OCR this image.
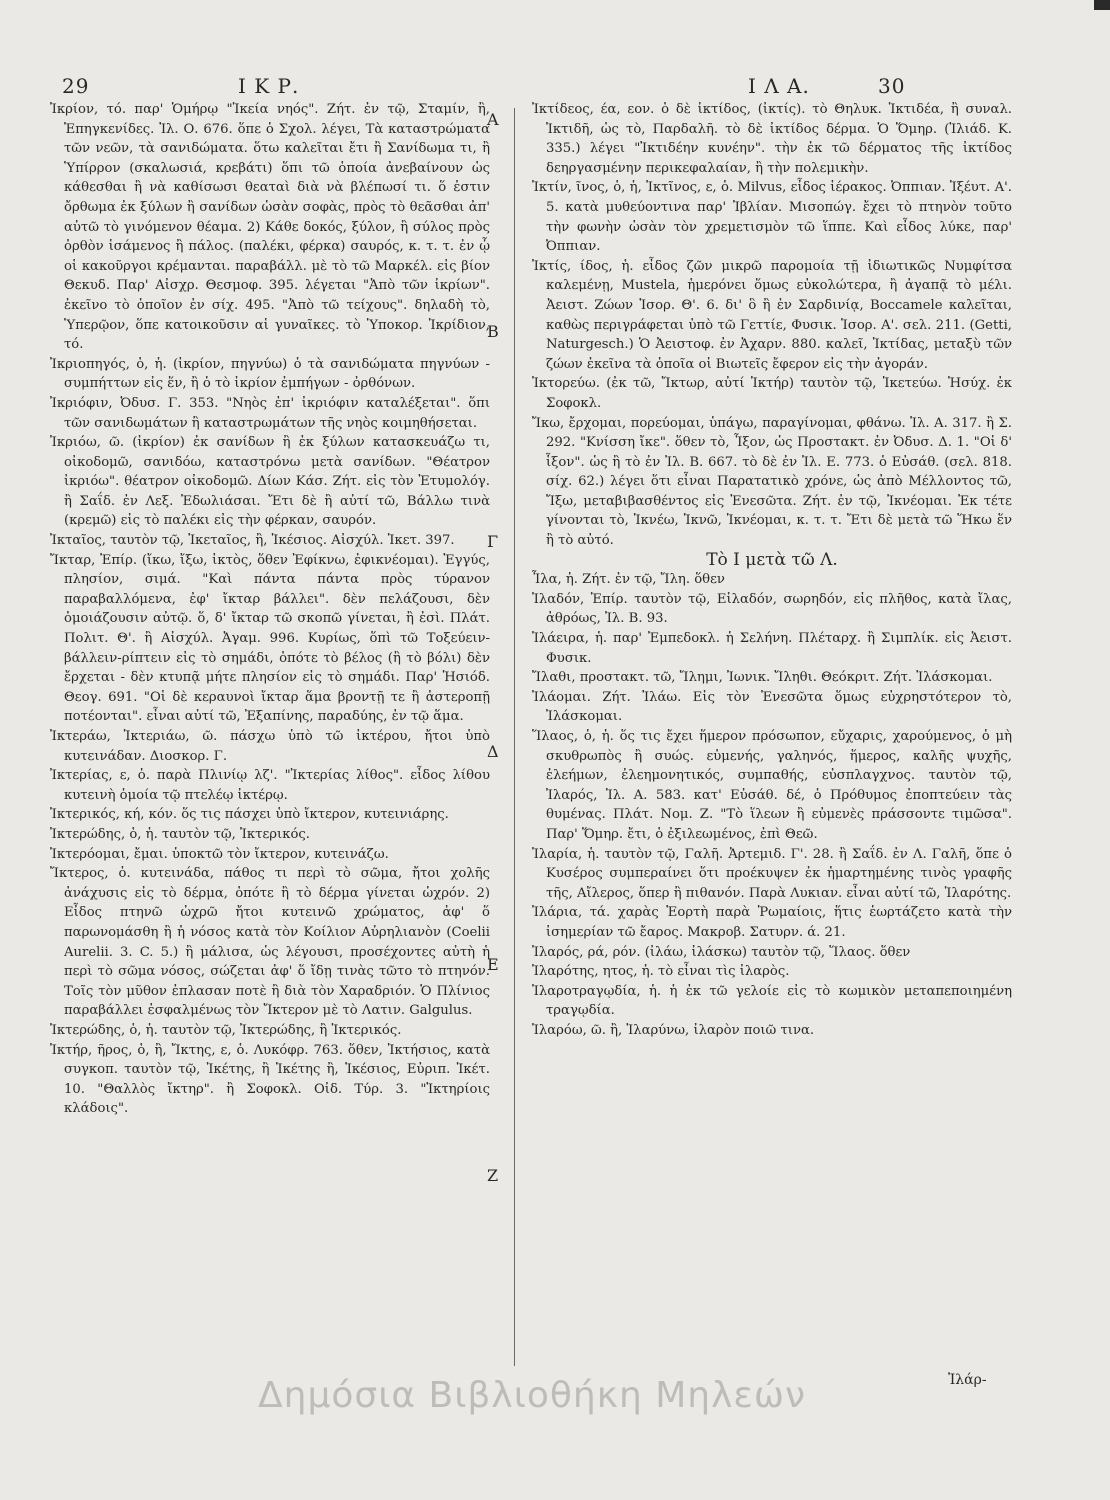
29	Ι Κ Ρ.	Ι Λ Α.	30
Α
Β
Γ
Δ
Ε
Ζ

Ἰκρίον, τό. παρ' Ὁμήρῳ "Ἰκεία νηός". Ζήτ. ἐν τῷ, Σταμίν, ἢ, Ἐπηγκενίδες. Ἰλ. Ο. 676. ὅπε ὁ Σχολ. λέγει, Τὰ καταστρώματα τῶν νεῶν, τὰ σανιδώματα. ὅτω καλεῖται ἔτι ἢ Σανίδωμα τι, ἢ Ὑπίρρον (σκαλωσιά, κρεβάτι) ὅπι τῶ ὁποία ἀνεβαίνουν ὡς κάθεσθαι ἢ νὰ καθίσωσι θεαταὶ διὰ νὰ βλέπωσί τι. ὅ ἐστιν ὄρθωμα ἐκ ξύλων ἢ σανίδων ὡσὰν σοφὰς, πρὸς τὸ θεᾶσθαι ἀπ' αὐτῶ τὸ γινόμενον θέαμα. 2) Κάθε δοκός, ξύλον, ἢ σύλος πρὸς ὀρθὸν ἱσάμενος ἢ πάλος. (παλέκι, φέρκα) σαυρός, κ. τ. τ. ἐν ᾧ οἱ κακοῦργοι κρέμανται. παραβάλλ. μὲ τὸ τῶ Μαρκέλ. εἰς βίον Θεκυδ. Παρ' Αἰσχρ. Θεσμοφ. 395. λέγεται "Ἀπὸ τῶν ἰκρίων". ἐκεῖνο τὸ ὁποῖον ἐν σίχ. 495. "Ἀπὸ τῶ τείχους". δηλαδὴ τὸ, Ὑπερῷον, ὅπε κατοικοῦσιν αἱ γυναῖκες. τὸ Ὑποκορ. Ἰκρίδιον, τό.

Ἰκριοπηγός, ὁ, ἡ. (ἰκρίον, πηγνύω) ὁ τὰ σανιδώματα πηγνύων - συμπήττων εἰς ἕν, ἢ ὁ τὸ ἰκρίον ἐμπήγων - ὀρθόνων.

Ἰκριόφιν, Ὀδυσ. Γ. 353. "Νηὸς ἐπ' ἰκριόφιν καταλέξεται". ὅπι τῶν σανιδωμάτων ἢ καταστρωμάτων τῆς νηὸς κοιμηθήσεται.

Ἰκριόω, ῶ. (ἰκρίον) ἐκ σανίδων ἢ ἐκ ξύλων κατασκευάζω τι, οἰκοδομῶ, σανιδόω, καταστρόνω μετὰ σανίδων. "Θέατρον ἰκριόω". θέατρον οἰκοδομῶ. Δίων Κάσ. Ζήτ. εἰς τὸν Ἐτυμολόγ. ἢ Σαΐδ. ἐν Λεξ. Ἐδωλιάσαι. Ἔτι δὲ ἢ αὐτί τῶ, Βάλλω τινὰ (κρεμῶ) εἰς τὸ παλέκι εἰς τὴν φέρκαν, σαυρόν.

Ἰκταῖος, ταυτὸν τῷ, Ἰκεταῖος, ἢ, Ἱκέσιος. Αἰσχύλ. Ἱκετ. 397.

Ἴκταρ, Ἐπίρ. (ἴκω, ἴξω, ἰκτὸς, ὅθεν Ἐφίκνω, ἐφικνέομαι). Ἐγγύς, πλησίον, σιμά. "Καὶ πάντα πάντα πρὸς τύρανον παραβαλλόμενα, ἐφ' ἴκταρ βάλλει". δὲν πελάζουσι, δὲν ὁμοιάζουσιν αὐτῷ. ὅ, δ' ἴκταρ τῶ σκοπῶ γίνεται, ἢ ἐσὶ. Πλάτ. Πολιτ. Θ'. ἢ Αἰσχύλ. Ἀγαμ. 996. Κυρίως, ὅπὶ τῶ Τοξεύειν-βάλλειν-ρίπτειν εἰς τὸ σημάδι, ὁπότε τὸ βέλος (ἢ τὸ βόλι) δὲν ἔρχεται - δὲν κτυπᾷ μήτε πλησίον εἰς τὸ σημάδι. Παρ' Ἡσιόδ. Θεογ. 691. "Οἱ δὲ κεραυνοὶ ἴκταρ ἅμα βροντῇ τε ἢ ἀστεροπῇ ποτέονται". εἶναι αὐτί τῶ, Ἐξαπίνης, παραδύης, ἐν τῷ ἅμα.

Ἰκτεράω, Ἰκτεριάω, ῶ. πάσχω ὑπὸ τῶ ἰκτέρου, ἤτοι ὑπὸ κυτεινάδαν. Διοσκορ. Γ.

Ἰκτερίας, ε, ὁ. παρὰ Πλινίῳ λζ'. "Ἰκτερίας λίθος". εἶδος λίθου κυτεινὴ ὁμοία τῷ πτελέῳ ἰκτέρῳ.

Ἰκτερικός, κή, κόν. ὅς τις πάσχει ὑπὸ ἴκτερον, κυτεινιάρης.

Ἰκτερώδης, ὁ, ἡ. ταυτὸν τῷ, Ἰκτερικός.

Ἰκτερόομαι, ἔμαι. ὑποκτῶ τὸν ἴκτερον, κυτεινάζω.

Ἴκτερος, ὁ. κυτεινάδα, πάθος τι περὶ τὸ σῶμα, ἤτοι χολῆς ἀνάχυσις εἰς τὸ δέρμα, ὁπότε ἢ τὸ δέρμα γίνεται ὠχρόν. 2) Εἶδος πτηνῶ ὠχρῶ ἤτοι κυτεινῶ χρώματος, ἀφ' ὅ παρωνομάσθη ἢ ἡ νόσος κατὰ τὸν Κοίλιον Αὐρηλιανὸν (Coelii Aurelii. 3. C. 5.) ἢ μάλισα, ὡς λέγουσι, προσέχοντες αὐτὴ ἡ περὶ τὸ σῶμα νόσος, σώζεται ἀφ' ὅ ἴδῃ τινὰς τῶτο τὸ πτηνόν. Τοῖς τὸν μῦθον ἐπλασαν ποτὲ ἢ διὰ τὸν Χαραδριόν. Ὁ Πλίνιος παραβάλλει ἐσφαλμένως τὸν Ἴκτερον μὲ τὸ Λατιν. Galgulus.

Ἰκτερώδης, ὁ, ἡ. ταυτὸν τῷ, Ἰκτερώδης, ἢ Ἰκτερικός.

Ἰκτήρ, ῆρος, ὁ, ἢ, Ἴκτης, ε, ὁ. Λυκόφρ. 763. ὅθεν, Ἱκτήσιος, κατὰ συγκοπ. ταυτὸν τῷ, Ἰκέτης, ἢ Ἱκέτης ἢ, Ἱκέσιος, Εὐριπ. Ἱκέτ. 10. "Θαλλὸς ἴκτηρ". ἢ Σοφοκλ. Οἰδ. Τύρ. 3. "Ἱκτηρίοις κλάδοις".

Ἰκτίδεος, έα, εον. ὁ δὲ ἰκτίδος, (ἰκτίς). τὸ Θηλυκ. Ἰκτιδέα, ἢ συναλ. Ἰκτιδῆ, ὡς τὸ, Παρδαλῆ. τὸ δὲ ἰκτίδος δέρμα. Ὁ Ὅμηρ. (Ἰλιάδ. Κ. 335.) λέγει "Ἰκτιδέην κυνέην". τὴν ἐκ τῶ δέρματος τῆς ἰκτίδος δεηργασμένην περικεφαλαίαν, ἢ τὴν πολεμικὴν.

Ἰκτίν, ῖνος, ὁ, ἡ, Ἰκτῖνος, ε, ὁ. Milvus, εἶδος ἱέρακος. Ὀππιαν. Ἰξέυτ. Α'. 5. κατὰ μυθεύοντινα παρ' Ἰβλίαν. Μισοπώγ. ἔχει τὸ πτηνὸν τοῦτο τὴν φωνὴν ὡσὰν τὸν χρεμετισμὸν τῶ ἵππε. Καὶ εἶδος λύκε, παρ' Ὀππιαν.

Ἰκτίς, ίδος, ἡ. εἶδος ζῶν μικρῶ παρομοία τῇ ἰδιωτικῶς Νυμφίτσα καλεμένῃ, Mustela, ἡμερόνει ὅμως εὐκολώτερα, ἢ ἀγαπᾷ τὸ μέλι. Ἀειστ. Ζώων Ἱσορ. Θ'. 6. δι' ὃ ἢ ἐν Σαρδινίᾳ, Boccamele καλεῖται, καθὼς περιγράφεται ὑπὸ τῶ Γεττίε, Φυσικ. Ἱσορ. Α'. σελ. 211. (Getti, Naturgesch.) Ὁ Ἀειστοφ. ἐν Ἀχαρν. 880. καλεῖ, Ἰκτίδας, μεταξὺ τῶν ζώων ἐκεῖνα τὰ ὁποῖα οἱ Βιωτεῖς ἔφερον εἰς τὴν ἀγοράν.

Ἰκτορεύω. (ἐκ τῶ, Ἴκτωρ, αὐτί Ἰκτήρ) ταυτὸν τῷ, Ἱκετεύω. Ἡσύχ. ἐκ Σοφοκλ.

Ἴκω, ἔρχομαι, πορεύομαι, ὑπάγω, παραγίνομαι, φθάνω. Ἰλ. Α. 317. ἢ Σ. 292. "Κνίσση ἴκε". ὅθεν τὸ, Ἶξον, ὡς Προστακτ. ἐν Ὀδυσ. Δ. 1. "Οἱ δ' ἷξον". ὡς ἢ τὸ ἐν Ἰλ. Β. 667. τὸ δὲ ἐν Ἰλ. Ε. 773. ὁ Εὐσάθ. (σελ. 818. σίχ. 62.) λέγει ὅτι εἶναι Παρατατικὸ χρόνε, ὡς ἀπὸ Μέλλοντος τῶ, Ἴξω, μεταβιβασθέντος εἰς Ἐνεσῶτα. Ζήτ. ἐν τῷ, Ἰκνέομαι. Ἐκ τέτε γίνονται τὸ, Ἰκνέω, Ἰκνῶ, Ἰκνέομαι, κ. τ. τ. Ἔτι δὲ μετὰ τῶ Ἥκω ἕν ἢ τὸ αὐτό.

Τὸ Ι μετὰ τῶ Λ.

Ἶλα, ἡ. Ζήτ. ἐν τῷ, Ἴλη. ὅθεν

Ἰλαδόν, Ἐπίρ. ταυτὸν τῷ, Εἰλαδόν, σωρηδόν, εἰς πλῆθος, κατὰ ἴλας, ἀθρόως, Ἰλ. Β. 93.

Ἰλάειρα, ἡ. παρ' Ἐμπεδοκλ. ἡ Σελήνη. Πλέταρχ. ἢ Σιμπλίκ. εἰς Ἀειστ. Φυσικ.

Ἴλαθι, προστακτ. τῶ, Ἴλημι, Ἰωνικ. Ἴληθι. Θεόκριτ. Ζήτ. Ἰλάσκομαι.

Ἰλάομαι. Ζήτ. Ἰλάω. Εἰς τὸν Ἐνεσῶτα ὅμως εὐχρηστότερον τὸ, Ἰλάσκομαι.

Ἵλαος, ὁ, ἡ. ὅς τις ἔχει ἥμερον πρόσωπον, εὔχαρις, χαρούμενος, ὁ μὴ σκυθρωπὸς ἢ συώς. εὐμενής, γαληνός, ἥμερος, καλῆς ψυχῆς, ἐλεήμων, ἐλεημονητικός, συμπαθής, εὐσπλαγχνος. ταυτὸν τῷ, Ἰλαρός, Ἰλ. Α. 583. κατ' Εὐσάθ. δέ, ὁ Πρόθυμος ἐποπτεύειν τὰς θυμένας. Πλάτ. Νομ. Ζ. "Τὸ ἵλεων ἢ εὐμενὲς πράσσοντε τιμῶσα". Παρ' Ὅμηρ. ἔτι, ὁ ἐξιλεωμένος, ἐπὶ Θεῶ.

Ἰλαρία, ἡ. ταυτὸν τῷ, Γαλῆ. Ἀρτεμιδ. Γ'. 28. ἢ Σαΐδ. ἐν Λ. Γαλῆ, ὅπε ὁ Κυσέρος συμπεραίνει ὅτι προέκυψεν ἐκ ἡμαρτημένης τινὸς γραφῆς τῆς, Αἴλερος, ὅπερ ἢ πιθανόν. Παρὰ Λυκιαν. εἶναι αὐτί τῶ, Ἰλαρότης.

Ἰλάρια, τά. χαρὰς Ἑορτὴ παρὰ Ῥωμαίοις, ἥτις ἑωρτάζετο κατὰ τὴν ἰσημερίαν τῶ ἔαρος. Μακροβ. Σατυρν. ά. 21.

Ἰλαρός, ρά, ρόν. (ἰλάω, ἰλάσκω) ταυτὸν τῷ, Ἵλαος. ὅθεν

Ἰλαρότης, ητος, ἡ. τὸ εἶναι τὶς ἰλαρὸς.

Ἰλαροτραγῳδία, ἡ. ἡ ἐκ τῶ γελοίε εἰς τὸ κωμικὸν μεταπεποιημένη τραγῳδία.

Ἰλαρόω, ῶ. ἢ, Ἰλαρύνω, ἰλαρὸν ποιῶ τινα.

Ἰλάρ-
Δημόσια Βιβλιοθήκη Μηλεών
